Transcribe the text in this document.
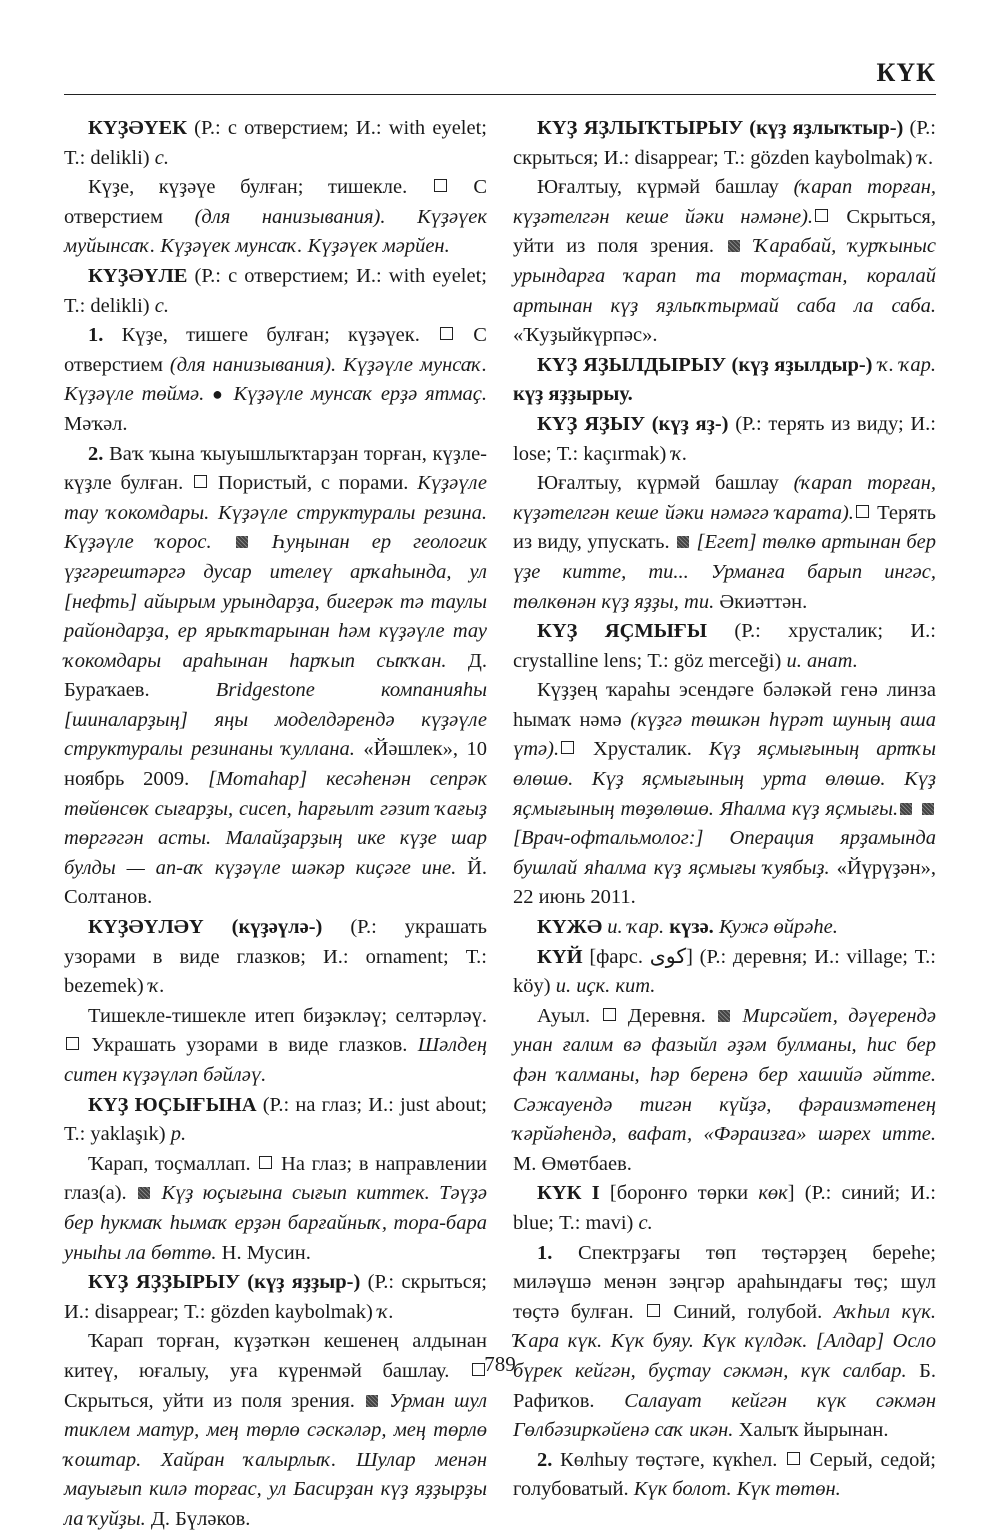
КҮК

КҮҘӘҮЕК (Р.: с отверстием; И.: with eyelet; Т.: delikli) с.

Күҙе, күҙәүе булған; тишекле.  С отверстием (для нанизывания). Күҙәүек муйынсаҡ. Күҙәүек мунсаҡ. Күҙәүек мәрйен.

КҮҘӘҮЛЕ (Р.: с отверстием; И.: with eyelet; Т.: delikli) с.

1. Күҙе, тишеге булған; күҙәүек.  С отверстием (для нанизывания). Күҙәүле мунсаҡ. Күҙәүле төймә. ● Күҙәүле мунсаҡ ерҙә ятмаҫ. Мәҡәл.

2. Ваҡ ҡына ҡыуышлыҡтарҙан торған, күҙле-күҙле булған.  Пористый, с порами. Күҙәүле тау ҡокомдары. Күҙәүле структуралы резина. Күҙәүле ҡорос.  Һуңынан ер геологик үҙгәрештәргә дусар ителеү арҡаһында, ул [нефть] айырым урындарҙа, бигерәк тә таулы райондарҙа, ер ярыҡтарынан һәм күҙәүле тау ҡокомдары араһынан һарҡып сыҡҡан. Д. Бураҡаев. Bridgestone компанияһы [шиналарҙың] яңы моделдәрендә күҙәүле структуралы резинаны ҡуллана. «Йәшлек», 10 ноябрь 2009. [Мотаһар] кесәһенән сепрәк төйөнсөк сығарҙы, сисеп, һарғылт гәзит ҡағыҙ төргәгән асты. Малайҙарҙың ике күҙе шар булды — ап-аҡ күҙәүле шәкәр киҫәге ине. Й. Солтанов.

КҮҘӘҮЛӘҮ (күҙәүлә-) (Р.: украшать узорами в виде глазков; И.: ornament; Т.: bezemek) ҡ.

Тишекле-тишекле итеп биҙәкләү; селтәрләү.  Украшать узорами в виде глазков. Шәлдең ситен күҙәүләп бәйләү.

КҮҘ ЮҪЫҒЫНА (Р.: на глаз; И.: just about; Т.: yaklaşık) р.

Ҡарап, тоҫмаллап.  На глаз; в направлении глаз(а).  Күҙ юҫығына сығып киттек. Тәүҙә бер һукмаҡ һымаҡ ерҙән барғайныҡ, тора-бара уныһы ла бөттө. Н. Мусин.

КҮҘ ЯҘҘЫРЫУ (күҙ яҙҙыр-) (Р.: скрыться; И.: disappear; Т.: gözden kaybolmak) ҡ.

Ҡарап торған, күҙәткән кешенең алдынан китеү, юғалыу, уға күренмәй башлау.  Скрыться, уйти из поля зрения.  Урман шул тиклем матур, мең төрлө сәскәләр, мең төрлө ҡоштар. Хайран ҡалырлыҡ. Шулар менән мауығып килә торғас, ул Басирҙан күҙ яҙҙырҙы ла ҡуйҙы. Д. Бүләков.

КҮҘ ЯҘЛЫҠТЫРЫУ (күҙ яҙлыҡтыр-) (Р.: скрыться; И.: disappear; Т.: gözden kaybolmak) ҡ.

Юғалтыу, күрмәй башлау (ҡарап торған, күҙәтелгән кеше йәки нәмәне). Скрыться, уйти из поля зрения.  Ҡарабай, ҡурҡыныс урындарға ҡарап та тормаҫтан, коралай артынан күҙ яҙлыҡтырмай саба ла саба. «Ҡуҙыйкүрпәс».

КҮҘ ЯҘЫЛДЫРЫУ (күҙ яҙылдыр-) ҡ. ҡар. күҙ яҙҙырыу.

КҮҘ ЯҘЫУ (күҙ яҙ-) (Р.: терять из виду; И.: lose; Т.: kaçırmak) ҡ.

Юғалтыу, күрмәй башлау (ҡарап торған, күҙәтелгән кеше йәки нәмәгә ҡарата). Терять из виду, упускать.  [Егет] төлкө артынан бер үҙе китте, ти... Урманға барып ингәс, төлкөнән күҙ яҙҙы, ти. Әкиәттән.

КҮҘ ЯҪМЫҒЫ (Р.: хрусталик; И.: crystalline lens; Т.: göz merceği) и. анат.

Күҙҙең ҡараһы эсендәге бәләкәй генә линза һымаҡ нәмә (күҙгә төшкән һүрәт шуның аша үтә). Хрусталик. Күҙ яҫмығының артҡы өлөшө. Күҙ яҫмығының урта өлөшө. Күҙ яҫмығының төҙөлөшө. Яһалма күҙ яҫмығы.  [Врач-офтальмолог:] Операция ярҙамында бушлай яһалма күҙ яҫмығы ҡуябыҙ. «Йүрүҙән», 22 июнь 2011.

КҮЖӘ и. ҡар. күзә. Кужә өйрәһе.

КҮЙ [фарс. کوى] (Р.: деревня; И.: village; Т.: köy) и. иҫк. кит.

Ауыл.  Деревня.  Мирсәйет, дәүерендә унан ғалим вә фазыйл әҙәм булманы, һис бер фән ҡалманы, һәр беренә бер хашийә әйтте. Сәжауендә тигән күйҙә, фәраизмәтенең ҡәрйәһендә, вафат, «Фәраизға» шәрех итте. М. Өмөтбаев.

КҮК I [боронғо төрки көк] (Р.: синий; И.: blue; Т.: mavi) с.

1. Спектрҙағы төп төҫтәрҙең береһе; миләүшә менән зәңгәр араһындағы төҫ; шул төҫтә булған.  Синий, голубой. Аҡһыл күк. Ҡара күк. Күк буяу. Күк күлдәк. [Алдар] Осло бүрек кейгән, буҫтау сәкмән, күк салбар. Б. Рафиҡов. Салауат кейгән күк сәкмән Гөлбәзиркәйенә саҡ икән. Халыҡ йырынан.

2. Көлһыу төҫтәге, күкһел.  Серый, седой; голубоватый. Күк болот. Күк төтөн.

789
